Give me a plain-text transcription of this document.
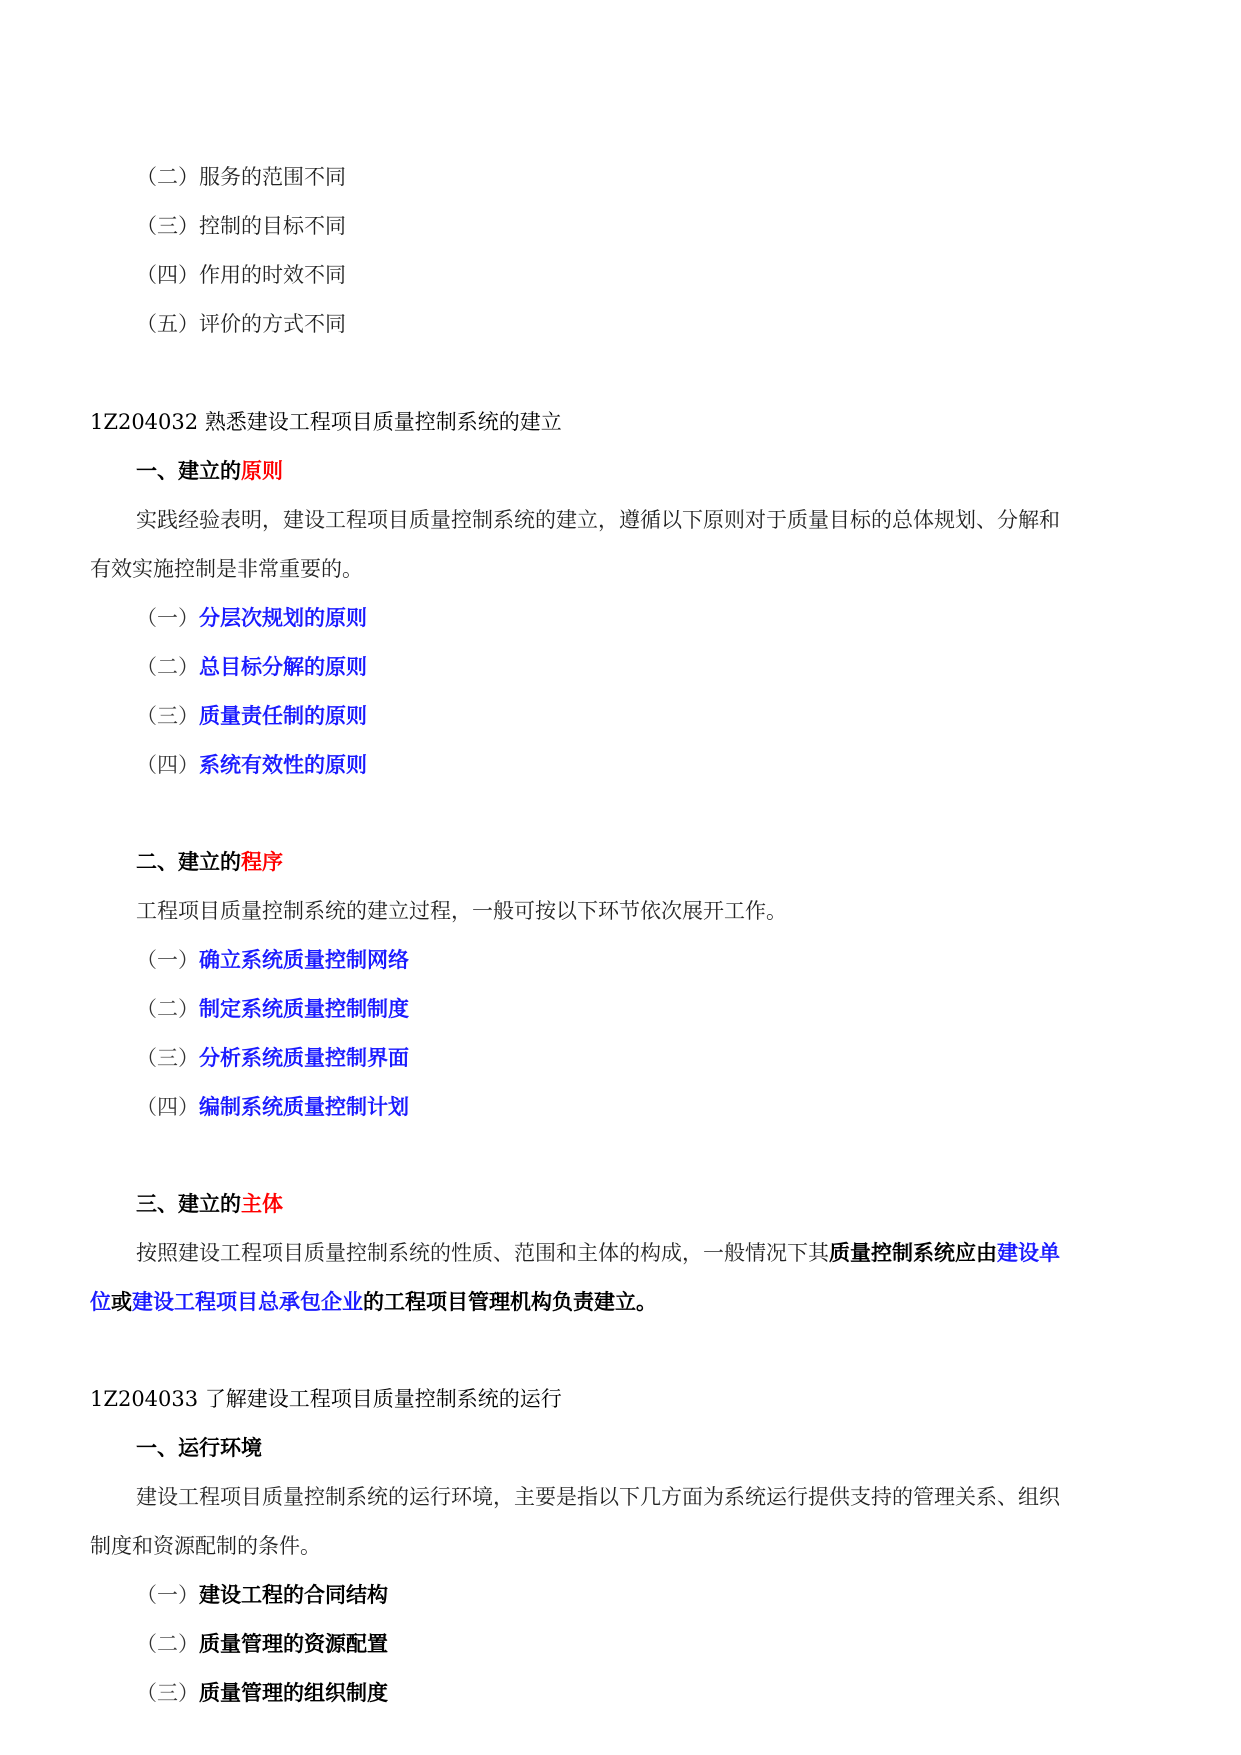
（二）服务的范围不同
（三）控制的目标不同
（四）作用的时效不同
（五）评价的方式不同
1Z204032 熟悉建设工程项目质量控制系统的建立
一、建立的原则
实践经验表明，建设工程项目质量控制系统的建立，遵循以下原则对于质量目标的总体规划、分解和
有效实施控制是非常重要的。
（一）分层次规划的原则
（二）总目标分解的原则
（三）质量责任制的原则
（四）系统有效性的原则
二、建立的程序
工程项目质量控制系统的建立过程，一般可按以下环节依次展开工作。
（一）确立系统质量控制网络
（二）制定系统质量控制制度
（三）分析系统质量控制界面
（四）编制系统质量控制计划
三、建立的主体
按照建设工程项目质量控制系统的性质、范围和主体的构成，一般情况下其质量控制系统应由建设单
位或建设工程项目总承包企业的工程项目管理机构负责建立。
1Z204033 了解建设工程项目质量控制系统的运行
一、运行环境
建设工程项目质量控制系统的运行环境，主要是指以下几方面为系统运行提供支持的管理关系、组织
制度和资源配制的条件。
（一）建设工程的合同结构
（二）质量管理的资源配置
（三）质量管理的组织制度
